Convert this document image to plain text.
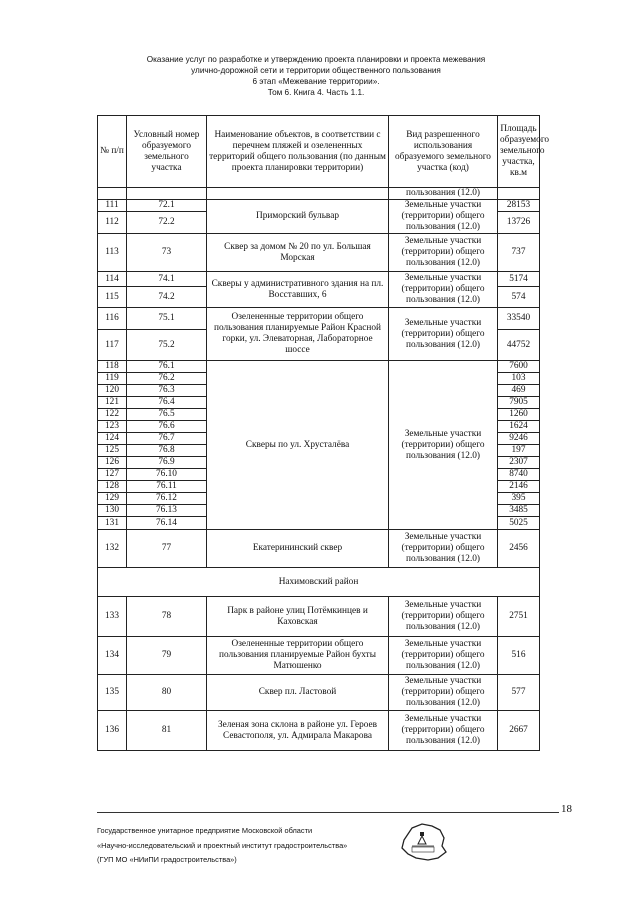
Оказание услуг по разработке и утверждению проекта планировки и проекта межевания
улично-дорожной сети и территории общественного пользования
6 этап «Межевание территории».
Том 6. Книга 4. Часть 1.1.
№ п/п	Условный номер образуемого земельного участка	Наименование объектов, в соответствии с перечнем пляжей и озелененных территорий общего пользования (по данным проекта планировки территории)	Вид разрешенного использования образуемого земельного участка (код)	Площадь образуемого земельного участка, кв.м
			пользования (12.0)	
111	72.1	Приморский бульвар	Земельные участки (территории) общего пользования (12.0)	28153
112	72.2			13726
113	73	Сквер за домом № 20 по ул. Большая Морская	Земельные участки (территории) общего пользования (12.0)	737
114	74.1	Скверы у административного здания на пл. Восставших, 6	Земельные участки (территории) общего пользования (12.0)	5174
115	74.2			574
116	75.1	Озелененные территории общего пользования планируемые Район Красной горки, ул. Элеваторная, Лабораторное шоссе	Земельные участки (территории) общего пользования (12.0)	33540
117	75.2			44752
118	76.1	Скверы по ул. Хрусталёва	Земельные участки (территории) общего пользования (12.0)	7600
119	76.2			103
120	76.3			469
121	76.4			7905
122	76.5			1260
123	76.6			1624
124	76.7			9246
125	76.8			197
126	76.9			2307
127	76.10			8740
128	76.11			2146
129	76.12			395
130	76.13			3485
131	76.14			5025
132	77	Екатерининский сквер	Земельные участки (территории) общего пользования (12.0)	2456
Нахимовский район				
133	78	Парк в районе улиц Потёмкинцев и Каховская	Земельные участки (территории) общего пользования (12.0)	2751
134	79	Озелененные территории общего пользования планируемые Район бухты Матюшенко	Земельные участки (территории) общего пользования (12.0)	516
135	80	Сквер пл. Ластовой	Земельные участки (территории) общего пользования (12.0)	577
136	81	Зеленая зона склона в районе ул. Героев Севастополя, ул. Адмирала Макарова	Земельные участки (территории) общего пользования (12.0)	2667
18
Государственное унитарное предприятие Московской области
«Научно-исследовательский и проектный институт градостроительства»
(ГУП МО «НИиПИ градостроительства»)
